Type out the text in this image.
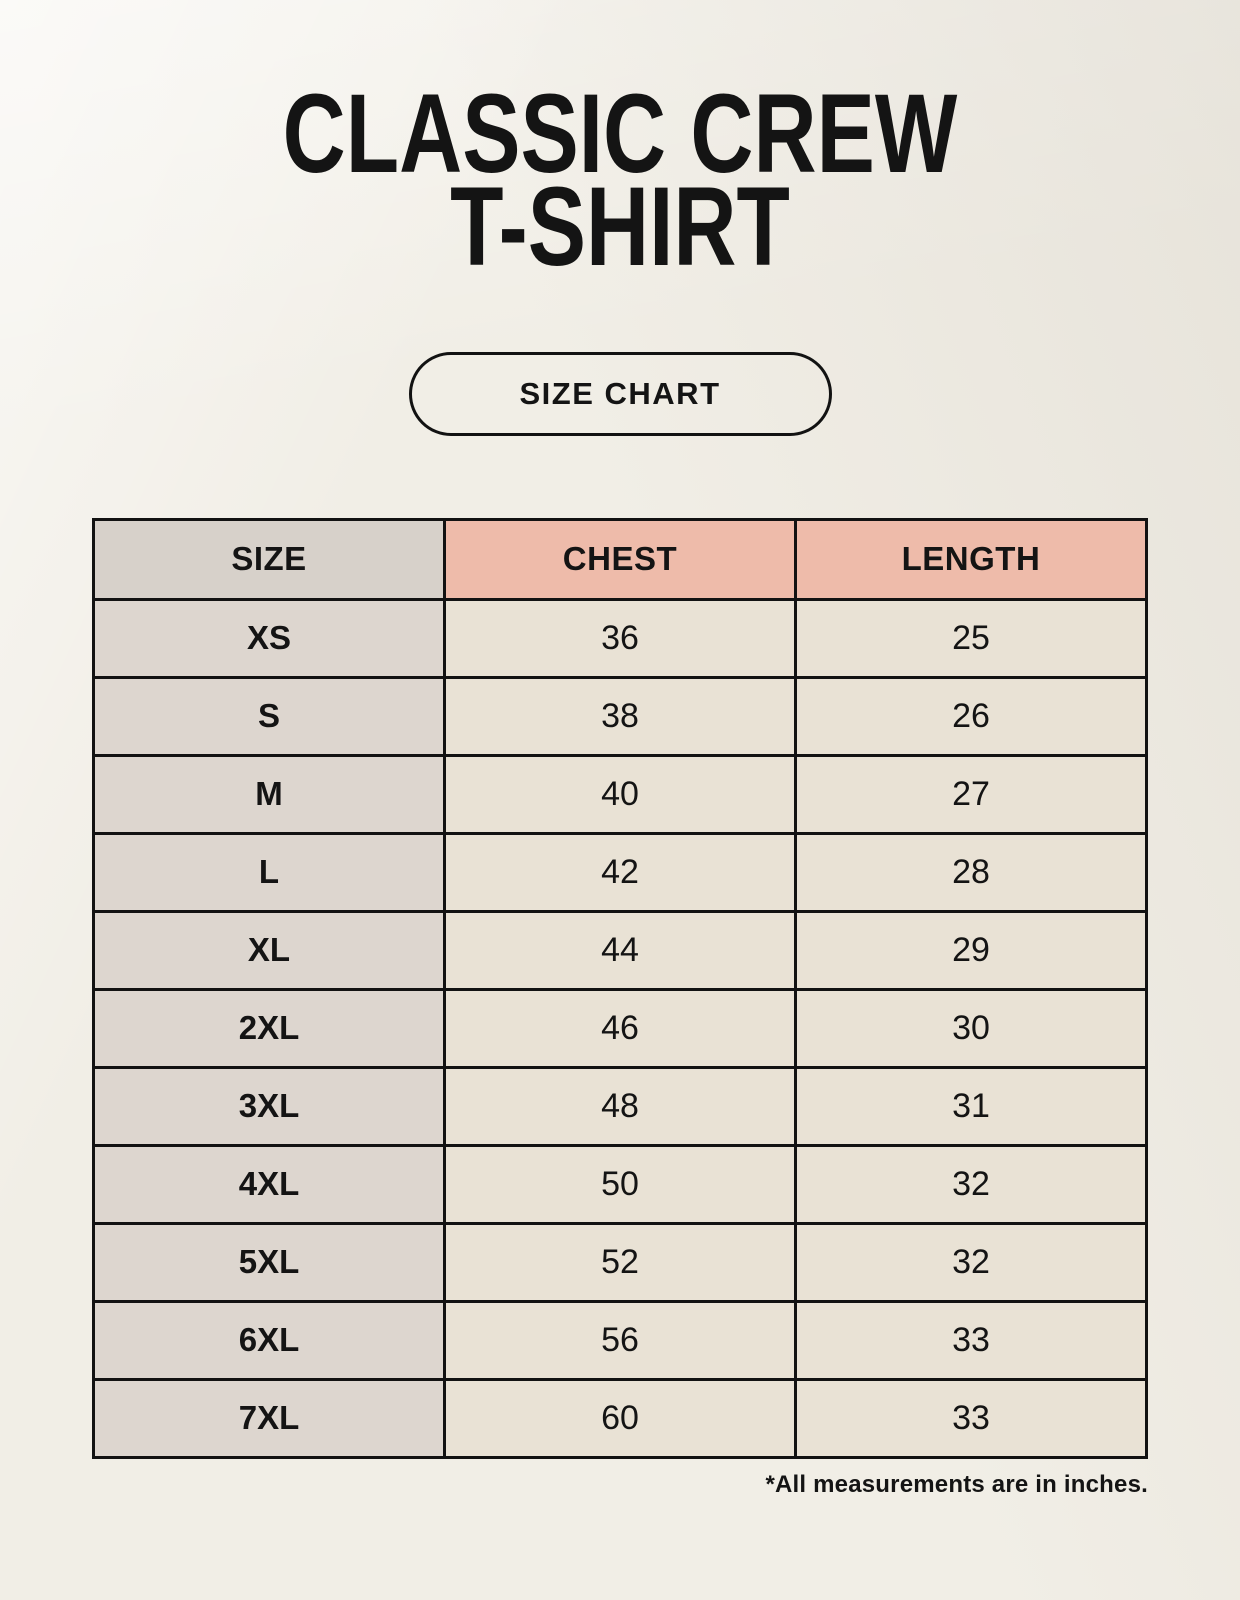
CLASSIC CREW
T-SHIRT
SIZE CHART
SIZE	CHEST	LENGTH
XS	36	25
S	38	26
M	40	27
L	42	28
XL	44	29
2XL	46	30
3XL	48	31
4XL	50	32
5XL	52	32
6XL	56	33
7XL	60	33

*All measurements are in inches.
